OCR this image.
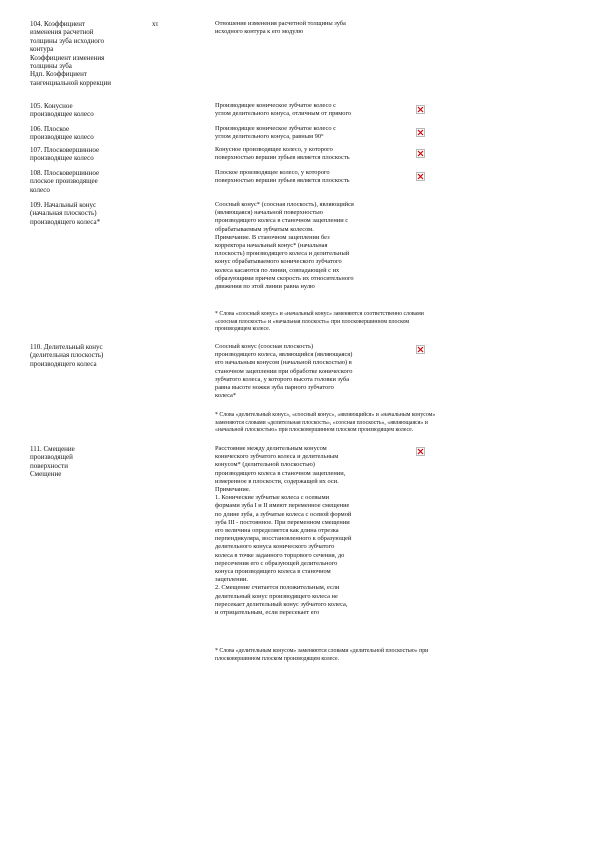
104. Коэффициент
изменения расчетной
толщины зуба исходного
контура
Коэффициент изменения
толщины зуба
Ндп. Коэффициент
тангенциальной коррекции
xτ	Отношение изменения расчетной толщины зуба
исходного контура к его модулю
105. Конусное
производящее колесо
Производящее коническое зубчатое колесо с
углом делительного конуса, отличным от прямого
106. Плоское
производящее колесо
Производящее коническое зубчатое колесо с
углом делительного конуса, равным 90°
107. Плосковершинное
производящее колесо
Конусное производящее колесо, у которого
поверхностью вершин зубьев является плоскость
108. Плосковершинное
плоское производящее
колесо
Плоское производящее колесо, у которого
поверхностью вершин зубьев является плоскость
109. Начальный конус
(начальная плоскость)
производящего колеса*
Соосный конус* (соосная плоскость), являющийся
(являющаяся) начальной поверхностью
производящего колеса в станочном зацеплении с
обрабатываемым зубчатым колесом.
Примечание. В станочном зацеплении без
корректора начальный конус* (начальная
плоскость) производящего колеса и делительный
конус обрабатываемого конического зубчатого
колеса касаются по линии, совпадающей с их
образующими причем скорость их относительного
движения по этой линии равна нулю
* Слова «соосный конус» и «начальный конус» заменяются соответственно словами
«соосная плоскость» и «начальная плоскость» при плосковершинном плоском
производящем колесе.
110. Делительный конус
(делительная плоскость)
производящего колеса
Соосный конус (соосная плоскость)
производящего колеса, являющийся (являющаяся)
его начальным конусом (начальной плоскостью) в
станочном зацеплении при обработке конического
зубчатого колеса, у которого высота головки зуба
равна высоте ножки зуба парного зубчатого
колеса*
* Слова «делительный конус», «соосный конус», «являющийся» и «начальным конусом»
заменяются словами «делительная плоскость», «соосная плоскость», «являющаяся» и
«начальной плоскостью» при плосковершинном плоском производящем колесе.
111. Смещение
производящей
поверхности
Смещение
Расстояние между делительным конусом
конического зубчатого колеса и делительным
конусом* (делительной плоскостью)
производящего колеса в станочном зацеплении,
измеренное в плоскости, содержащей их оси.
Примечание.
1. Конические зубчатые колеса с осевыми
формами зуба I и II имеют переменное смещение
по длине зуба, а зубчатые колеса с осевой формой
зуба III - постоянное. При переменном смещении
его величина определяется как длина отрезка
перпендикуляра, восстановленного к образующей
делительного конуса конического зубчатого
колеса в точке заданного торцового сечения, до
пересечения его с образующей делительного
конуса производящего колеса в станочном
зацеплении.
2. Смещение считается положительным, если
делительный конус производящего колеса не
пересекает делительный конус зубчатого колеса,
и отрицательным, если пересекает его
* Слова «делительным конусом» заменяются словами «делительной плоскостью» при
плосковершинном плоском производящем колесе.
